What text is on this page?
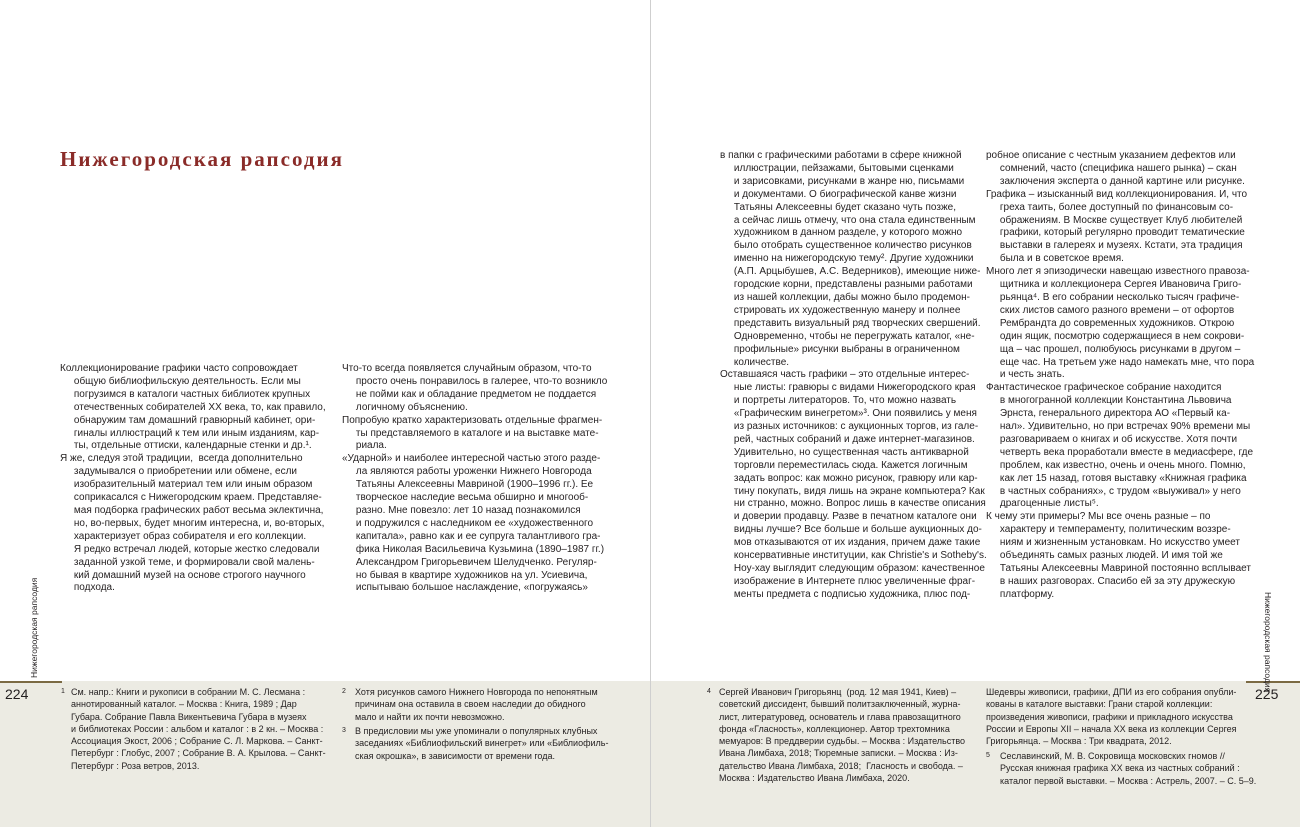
Нижегородская рапсодия
Коллекционирование графики часто сопровождает
общую библиофильскую деятельность. Если мы
погрузимся в каталоги частных библиотек крупных
отечественных собирателей XX века, то, как правило,
обнаружим там домашний гравюрный кабинет, ори-
гиналы иллюстраций к тем или иным изданиям, кар-
ты, отдельные оттиски, календарные стенки и др.¹.
Я же, следуя этой традиции,  всегда дополнительно
задумывался о приобретении или обмене, если
изобразительный материал тем или иным образом
соприкасался с Нижегородским краем. Представляе-
мая подборка графических работ весьма эклектична,
но, во-первых, будет многим интересна, и, во-вторых,
характеризует образ собирателя и его коллекции.
Я редко встречал людей, которые жестко следовали
заданной узкой теме, и формировали свой малень-
кий домашний музей на основе строгого научного
подхода.
Что-то всегда появляется случайным образом, что-то
просто очень понравилось в галерее, что-то возникло
не пойми как и обладание предметом не поддается
логичному объяснению.
Попробую кратко характеризовать отдельные фрагмен-
ты представляемого в каталоге и на выставке мате-
риала.
«Ударной» и наиболее интересной частью этого разде-
ла являются работы уроженки Нижнего Новгорода
Татьяны Алексеевны Мавриной (1900–1996 гг.). Ее
творческое наследие весьма обширно и многооб-
разно. Мне повезло: лет 10 назад познакомился
и подружился с наследником ее «художественного
капитала», равно как и ее супруга талантливого гра-
фика Николая Васильевича Кузьмина (1890–1987 гг.)
Александром Григорьевичем Шелудченко. Регуляр-
но бывая в квартире художников на ул. Усиевича,
испытываю большое наслаждение, «погружаясь»
Нижегородская рапсодия
224	1 См. напр.: Книги и рукописи в собрании М. С. Лесмана :
аннотированный каталог. – Москва : Книга, 1989 ; Дар
Губара. Собрание Павла Викентьевича Губара в музеях
и библиотеках России : альбом и каталог : в 2 кн. – Москва :
Ассоциация Экост, 2006 ; Собрание С. Л. Маркова. – Санкт-
Петербург : Глобус, 2007 ; Собрание В. А. Крылова. – Санкт-
Петербург : Роза ветров, 2013.
2 Хотя рисунков самого Нижнего Новгорода по непонятным
причинам она оставила в своем наследии до обидного
мало и найти их почти невозможно.
3 В предисловии мы уже упоминали о популярных клубных
заседаниях «Библиофильский винегрет» или «Библиофиль-
ская окрошка», в зависимости от времени года.
в папки с графическими работами в сфере книжной
иллюстрации, пейзажами, бытовыми сценками
и зарисовками, рисунками в жанре ню, письмами
и документами. О биографической канве жизни
Татьяны Алексеевны будет сказано чуть позже,
а сейчас лишь отмечу, что она стала единственным
художником в данном разделе, у которого можно
было отобрать существенное количество рисунков
именно на нижегородскую тему². Другие художники
(А.П. Арцыбушев, А.С. Ведерников), имеющие ниже-
городские корни, представлены разными работами
из нашей коллекции, дабы можно было продемон-
стрировать их художественную манеру и полнее
представить визуальный ряд творческих свершений.
Одновременно, чтобы не перегружать каталог, «не-
профильные» рисунки выбраны в ограниченном
количестве.
Оставшаяся часть графики – это отдельные интерес-
ные листы: гравюры с видами Нижегородского края
и портреты литераторов. То, что можно назвать
«Графическим винегретом»³. Они появились у меня
из разных источников: с аукционных торгов, из гале-
рей, частных собраний и даже интернет-магазинов.
Удивительно, но существенная часть антикварной
торговли переместилась сюда. Кажется логичным
задать вопрос: как можно рисунок, гравюру или кар-
тину покупать, видя лишь на экране компьютера? Как
ни странно, можно. Вопрос лишь в качестве описания
и доверии продавцу. Разве в печатном каталоге они
видны лучше? Все больше и больше аукционных до-
мов отказываются от их издания, причем даже такие
консервативные институции, как Christie's и Sotheby's.
Ноу-хау выглядит следующим образом: качественное
изображение в Интернете плюс увеличенные фраг-
менты предмета с подписью художника, плюс под-
робное описание с честным указанием дефектов или
сомнений, часто (специфика нашего рынка) – скан
заключения эксперта о данной картине или рисунке.
Графика – изысканный вид коллекционирования. И, что
греха таить, более доступный по финансовым со-
ображениям. В Москве существует Клуб любителей
графики, который регулярно проводит тематические
выставки в галереях и музеях. Кстати, эта традиция
была и в советское время.
Много лет я эпизодически навещаю известного правоза-
щитника и коллекционера Сергея Ивановича Григо-
рьянца⁴. В его собрании несколько тысяч графиче-
ских листов самого разного времени – от офортов
Рембрандта до современных художников. Открою
один ящик, посмотрю содержащиеся в нем сокрови-
ща – час прошел, полюбуюсь рисунками в другом –
еще час. На третьем уже надо намекать мне, что пора
и честь знать.
Фантастическое графическое собрание находится
в многогранной коллекции Константина Львовича
Эрнста, генерального директора АО «Первый ка-
нал». Удивительно, но при встречах 90% времени мы
разговариваем о книгах и об искусстве. Хотя почти
четверть века проработали вместе в медиасфере, где
проблем, как известно, очень и очень много. Помню,
как лет 15 назад, готовя выставку «Книжная графика
в частных собраниях», с трудом «выуживал» у него
драгоценные листы⁵.
К чему эти примеры? Мы все очень разные – по
характеру и темпераменту, политическим воззре-
ниям и жизненным установкам. Но искусство умеет
объединять самых разных людей. И имя той же
Татьяны Алексеевны Мавриной постоянно всплывает
в наших разговорах. Спасибо ей за эту дружескую
платформу.
4 Сергей Иванович Григорьянц  (род. 12 мая 1941, Киев) –
советский диссидент, бывший политзаключенный, журна-
лист, литературовед, основатель и глава правозащитного
фонда «Гласность», коллекционер. Автор трехтомника
мемуаров: В преддверии судьбы. – Москва : Издательство
Ивана Лимбаха, 2018; Тюремные записки. – Москва : Из-
дательство Ивана Лимбаха, 2018;  Гласность и свобода. –
Москва : Издательство Ивана Лимбаха, 2020.
Шедевры живописи, графики, ДПИ из его собрания опубли-
кованы в каталоге выставки: Грани старой коллекции:
произведения живописи, графики и прикладного искусства
России и Европы XII – начала XX века из коллекции Сергея
Григорьянца. – Москва : Три квадрата, 2012.
5 Сеславинский, М. В. Сокровища московских гномов //
Русская книжная графика XX века из частных собраний :
каталог первой выставки. – Москва : Астрель, 2007. – С. 5–9.
225
Нижегородская рапсодия
